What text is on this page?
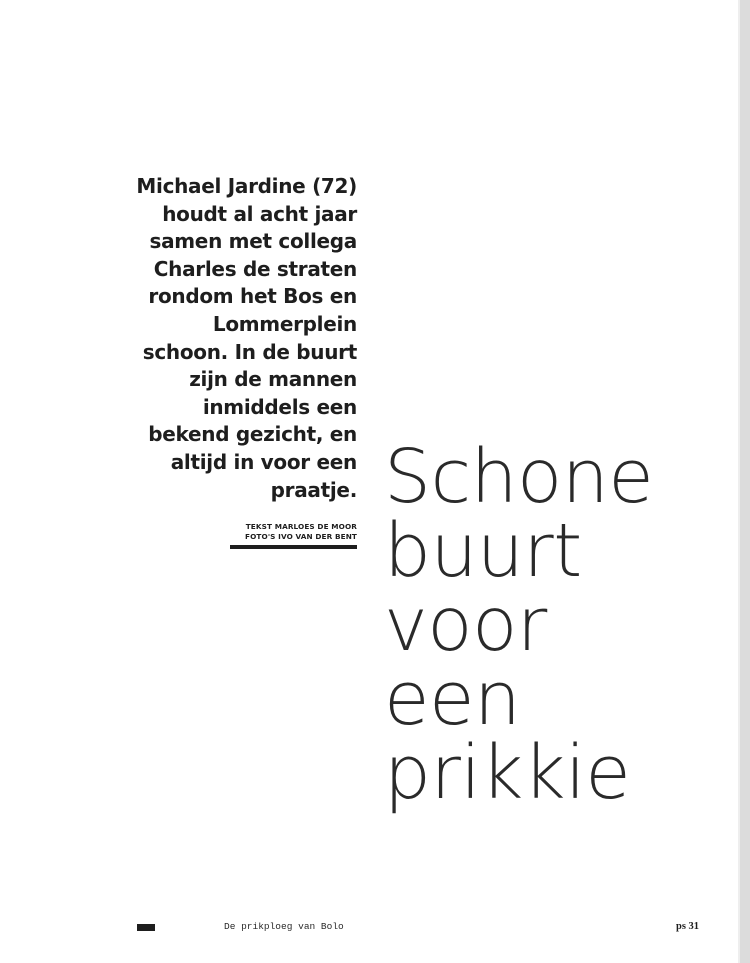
Michael Jardine (72)
houdt al acht jaar
samen met collega
Charles de straten
rondom het Bos en
Lommerplein
schoon. In de buurt
zijn de mannen
inmiddels een
bekend gezicht, en
altijd in voor een
praatje.
TEKST MARLOES DE MOOR
FOTO'S IVO VAN DER BENT
Schone
buurt
voor
een
prikkie
De prikploeg van Bolo	ps 31
